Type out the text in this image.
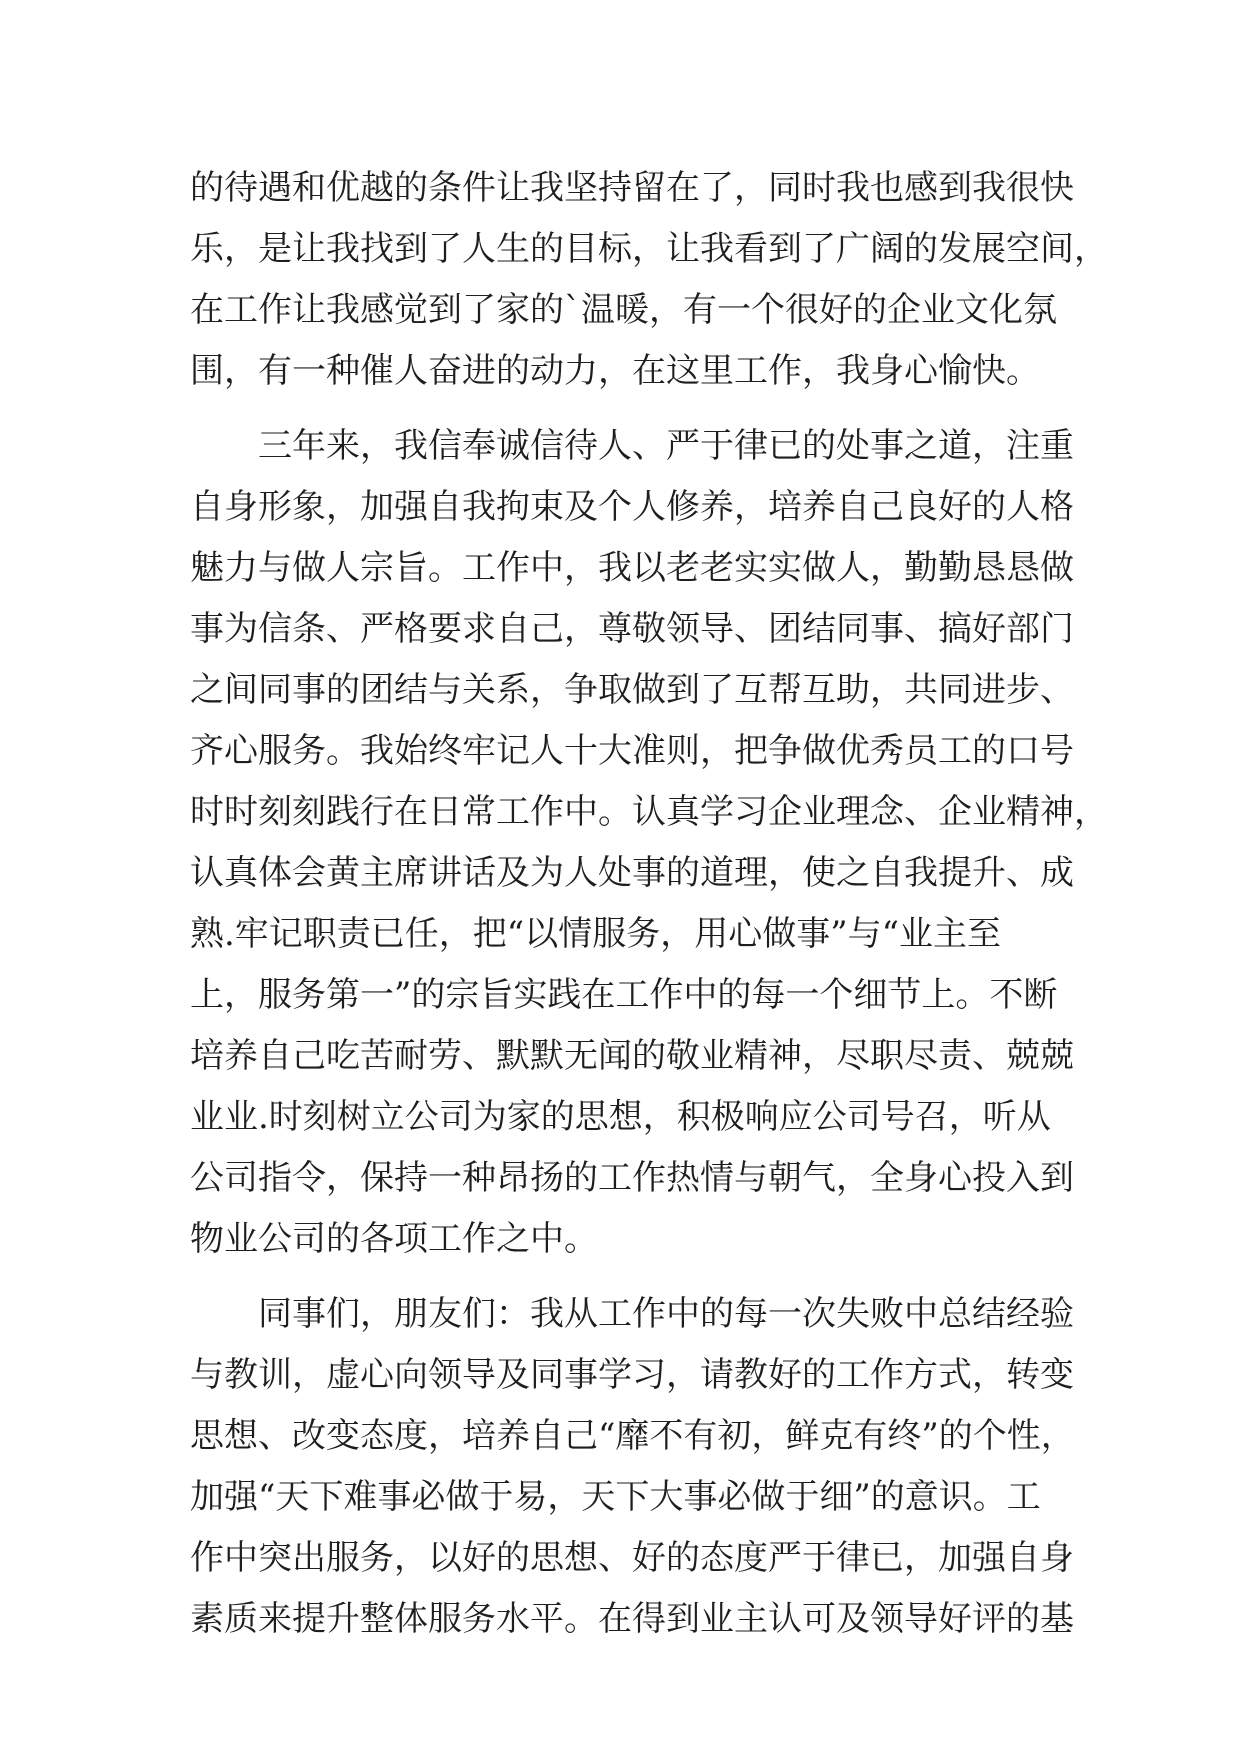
的待遇和优越的条件让我坚持留在了，同时我也感到我很快
乐，是让我找到了人生的目标，让我看到了广阔的发展空间，
在工作让我感觉到了家的`温暖，有一个很好的企业文化氛
围，有一种催人奋进的动力，在这里工作，我身心愉快。
三年来，我信奉诚信待人、严于律已的处事之道，注重
自身形象，加强自我拘束及个人修养，培养自己良好的人格
魅力与做人宗旨。工作中，我以老老实实做人，勤勤恳恳做
事为信条、严格要求自己，尊敬领导、团结同事、搞好部门
之间同事的团结与关系，争取做到了互帮互助，共同进步、
齐心服务。我始终牢记人十大准则，把争做优秀员工的口号
时时刻刻践行在日常工作中。认真学习企业理念、企业精神，
认真体会黄主席讲话及为人处事的道理，使之自我提升、成
熟.牢记职责已任，把“以情服务，用心做事”与“业主至
上，服务第一”的宗旨实践在工作中的每一个细节上。不断
培养自己吃苦耐劳、默默无闻的敬业精神，尽职尽责、兢兢
业业.时刻树立公司为家的思想，积极响应公司号召，听从
公司指令，保持一种昂扬的工作热情与朝气，全身心投入到
物业公司的各项工作之中。
同事们，朋友们：我从工作中的每一次失败中总结经验
与教训，虚心向领导及同事学习，请教好的工作方式，转变
思想、改变态度，培养自己“靡不有初，鲜克有终”的个性，
加强“天下难事必做于易，天下大事必做于细”的意识。工
作中突出服务，以好的思想、好的态度严于律已，加强自身
素质来提升整体服务水平。在得到业主认可及领导好评的基
